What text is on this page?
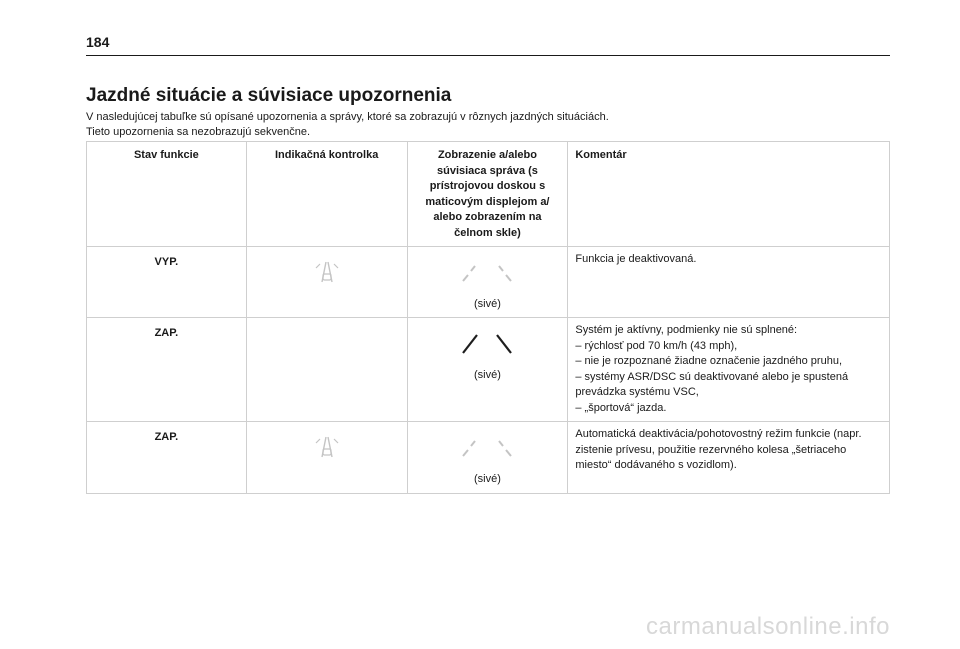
184
Jazdné situácie a súvisiace upozornenia
V nasledujúcej tabuľke sú opísané upozornenia a správy, ktoré sa zobrazujú v rôznych jazdných situáciách.
Tieto upozornenia sa nezobrazujú sekvenčne.
Stav funkcie	Indikačná kontrolka	Zobrazenie a/alebo súvisiaca správa (s prístrojovou doskou s maticovým displejom a/ alebo zobrazením na čelnom skle)	Komentár
VYP.		(sivé)	Funkcia je deaktivovaná.

ZAP.		(sivé)	Systém je aktívny, podmienky nie sú splnené:
– rýchlosť pod 70 km/h (43 mph),
– nie je rozpoznané žiadne označenie jazdného pruhu,
– systémy ASR/DSC sú deaktivované alebo je spustená prevádzka systému VSC,
– „športová“ jazda.

ZAP.		(sivé)	Automatická deaktivácia/pohotovostný režim funkcie (napr. zistenie prívesu, použitie rezervného kolesa „šetriaceho miesto“ dodávaného s vozidlom).
carmanualsonline.info
